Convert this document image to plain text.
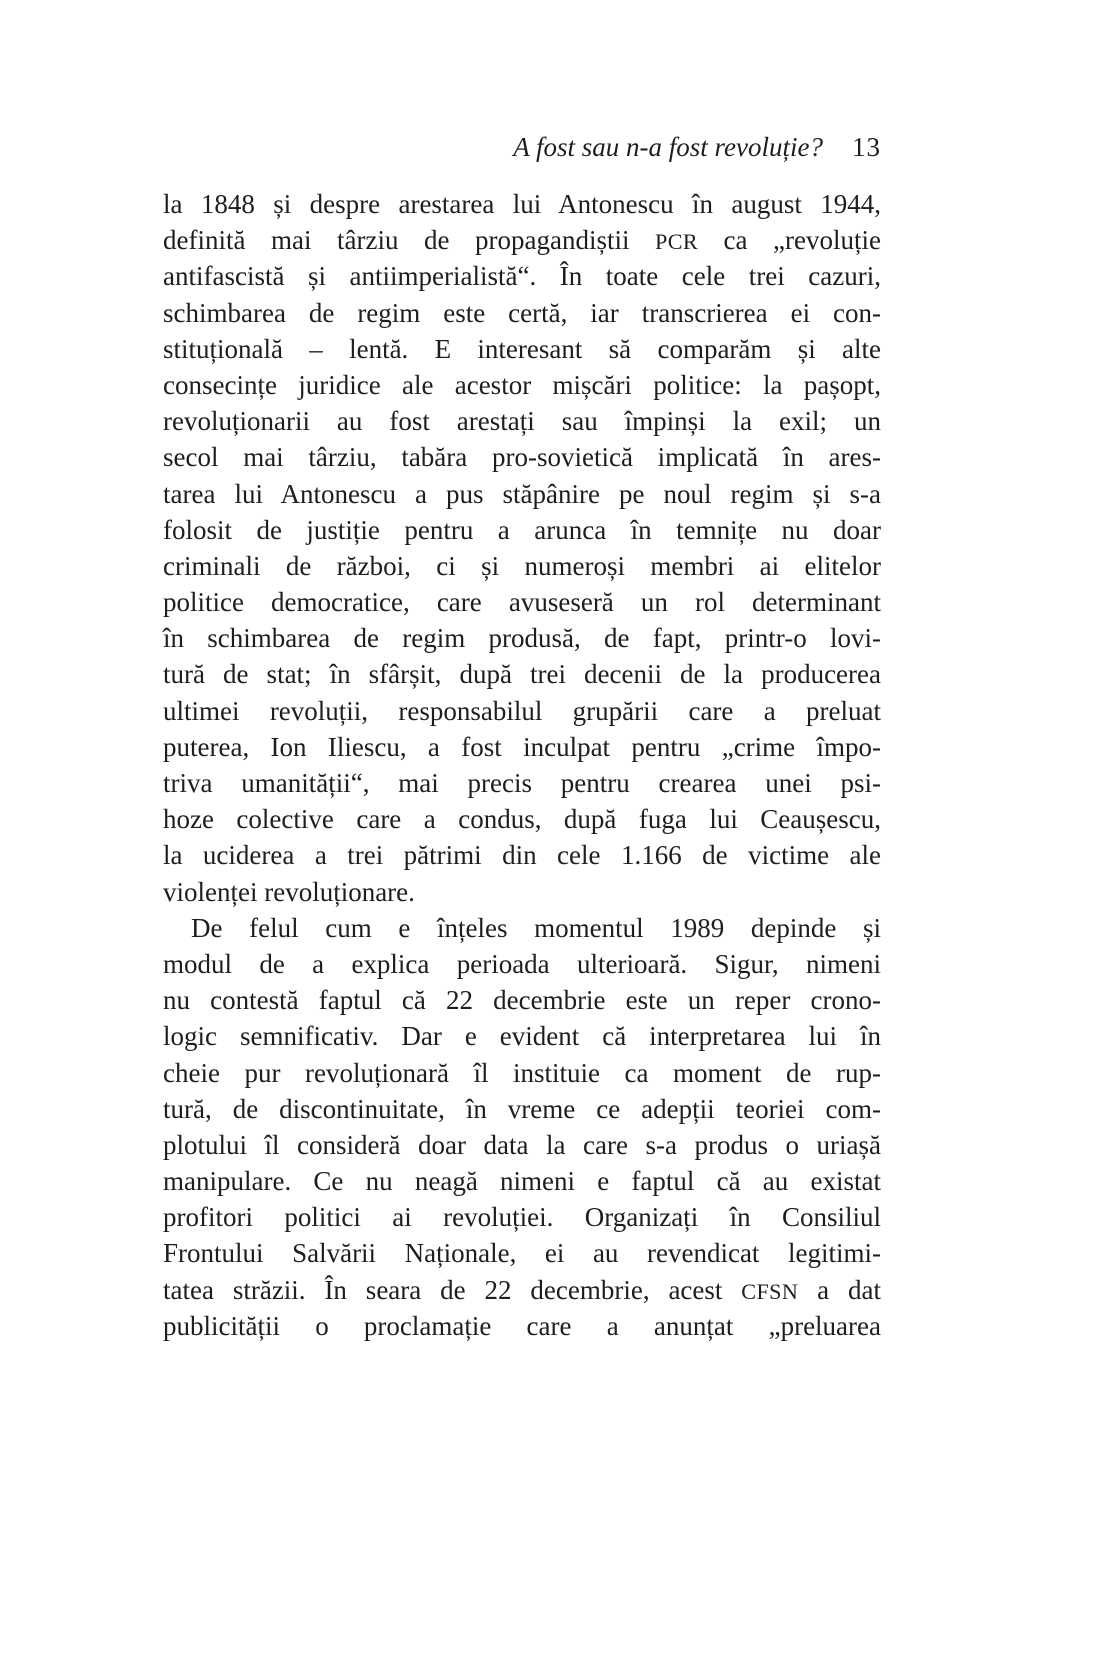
A fost sau n-a fost revoluție? 13
la 1848 și despre arestarea lui Antonescu în august 1944,
definită mai târziu de propagandiștii PCR ca „revoluție
antifascistă și antiimperialistă“. În toate cele trei cazuri,
schimbarea de regim este certă, iar transcrierea ei con-
stituțională – lentă. E interesant să comparăm și alte
consecințe juridice ale acestor mișcări politice: la pașopt,
revoluționarii au fost arestați sau împinși la exil; un
secol mai târziu, tabăra pro-sovietică implicată în ares-
tarea lui Antonescu a pus stăpânire pe noul regim și s-a
folosit de justiție pentru a arunca în temnițe nu doar
criminali de război, ci și numeroși membri ai elitelor
politice democratice, care avuseseră un rol determinant
în schimbarea de regim produsă, de fapt, printr-o lovi-
tură de stat; în sfârșit, după trei decenii de la producerea
ultimei revoluții, responsabilul grupării care a preluat
puterea, Ion Iliescu, a fost inculpat pentru „crime împo-
triva umanității“, mai precis pentru crearea unei psi-
hoze colective care a condus, după fuga lui Ceaușescu,
la uciderea a trei pătrimi din cele 1.166 de victime ale
violenței revoluționare.
De felul cum e înțeles momentul 1989 depinde și
modul de a explica perioada ulterioară. Sigur, nimeni
nu contestă faptul că 22 decembrie este un reper crono-
logic semnificativ. Dar e evident că interpretarea lui în
cheie pur revoluționară îl instituie ca moment de rup-
tură, de discontinuitate, în vreme ce adepții teoriei com-
plotului îl consideră doar data la care s-a produs o uriașă
manipulare. Ce nu neagă nimeni e faptul că au existat
profitori politici ai revoluției. Organizați în Consiliul
Frontului Salvării Naționale, ei au revendicat legitimi-
tatea străzii. În seara de 22 decembrie, acest CFSN a dat
publicității o proclamație care a anunțat „preluarea
